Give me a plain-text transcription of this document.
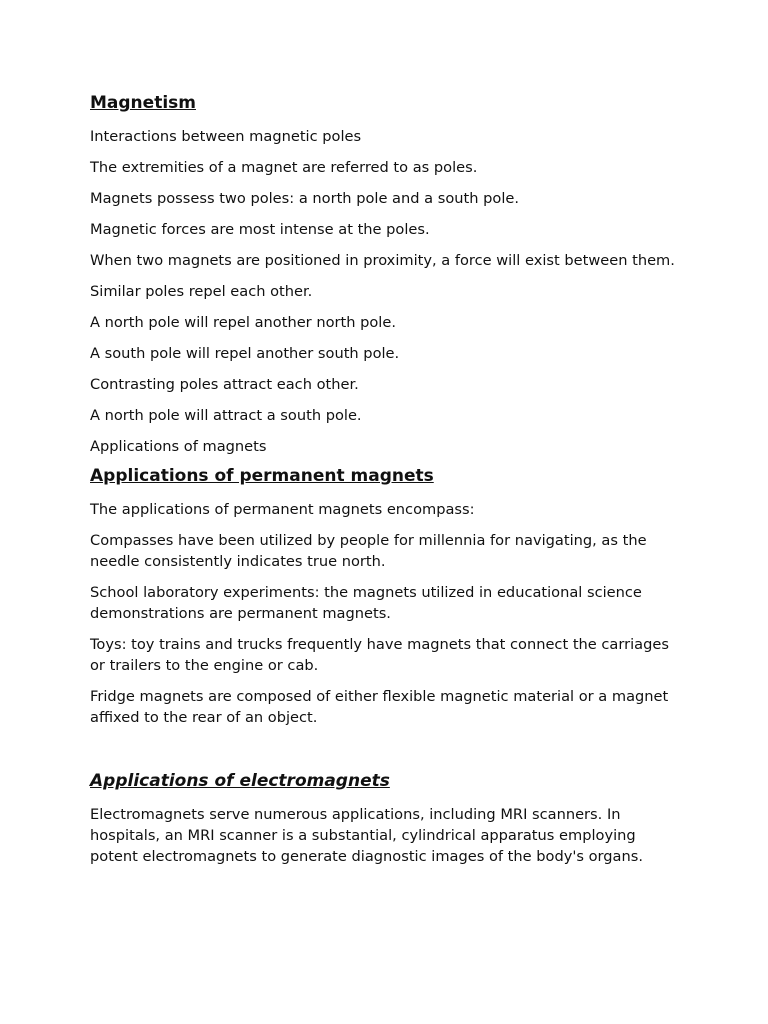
Magnetism

Interactions between magnetic poles

The extremities of a magnet are referred to as poles.

Magnets possess two poles: a north pole and a south pole.

Magnetic forces are most intense at the poles.

When two magnets are positioned in proximity, a force will exist between them.

Similar poles repel each other.

A north pole will repel another north pole.

A south pole will repel another south pole.

Contrasting poles attract each other.

A north pole will attract a south pole.

Applications of magnets

Applications of permanent magnets

The applications of permanent magnets encompass:

Compasses have been utilized by people for millennia for navigating, as the needle consistently indicates true north.

School laboratory experiments: the magnets utilized in educational science demonstrations are permanent magnets.

Toys: toy trains and trucks frequently have magnets that connect the carriages or trailers to the engine or cab.

Fridge magnets are composed of either flexible magnetic material or a magnet affixed to the rear of an object.

Applications of electromagnets

Electromagnets serve numerous applications, including MRI scanners. In hospitals, an MRI scanner is a substantial, cylindrical apparatus employing potent electromagnets to generate diagnostic images of the body's organs.
